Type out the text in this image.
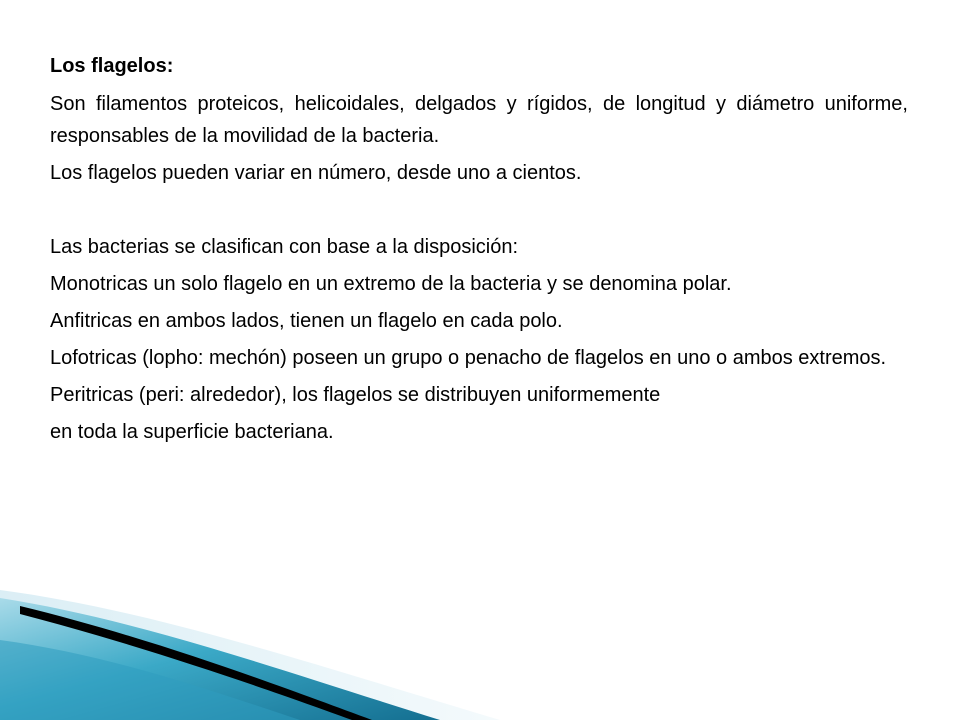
Los flagelos:

Son filamentos proteicos, helicoidales, delgados y rígidos, de longitud y diámetro uniforme, responsables de la movilidad de la bacteria.

Los flagelos pueden variar en número, desde uno a cientos.

Las bacterias se clasifican con base a la disposición:

Monotricas un solo flagelo en un extremo de la bacteria y se denomina polar.

Anfitricas en ambos lados, tienen un flagelo en cada polo.

Lofotricas (lopho: mechón) poseen un grupo o penacho de flagelos en uno o ambos extremos.

Peritricas (peri: alrededor), los flagelos se distribuyen uniformemente

en toda la superficie bacteriana.
